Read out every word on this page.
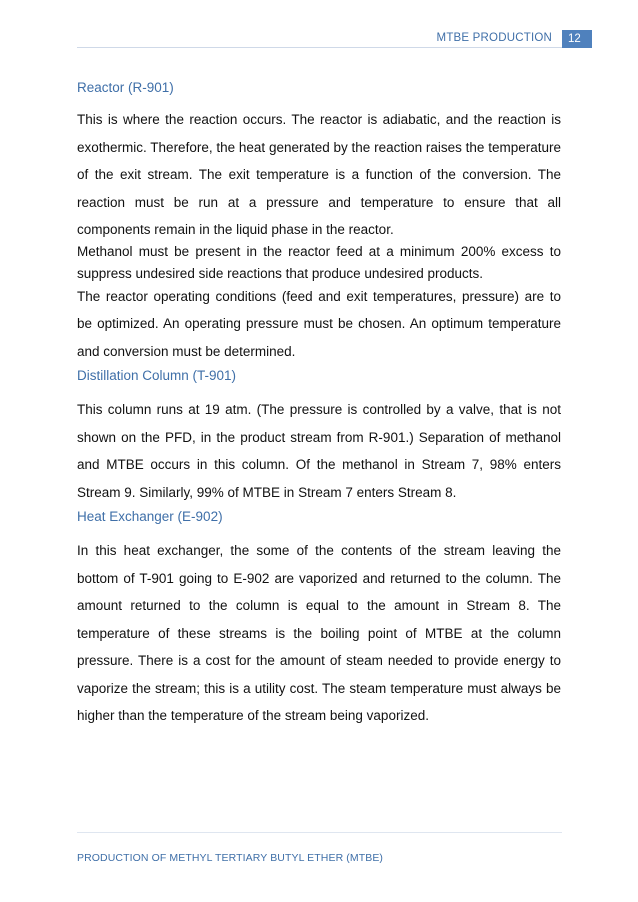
MTBE PRODUCTION	12
Reactor (R-901)

This is where the reaction occurs. The reactor is adiabatic, and the reaction is exothermic. Therefore, the heat generated by the reaction raises the temperature of the exit stream. The exit temperature is a function of the conversion. The reaction must be run at a pressure and temperature to ensure that all components remain in the liquid phase in the reactor.

Methanol must be present in the reactor feed at a minimum 200% excess to suppress undesired side reactions that produce undesired products.

The reactor operating conditions (feed and exit temperatures, pressure) are to be optimized. An operating pressure must be chosen. An optimum temperature and conversion must be determined.

Distillation Column (T-901)

This column runs at 19 atm. (The pressure is controlled by a valve, that is not shown on the PFD, in the product stream from R-901.) Separation of methanol and MTBE occurs in this column. Of the methanol in Stream 7, 98% enters Stream 9. Similarly, 99% of MTBE in Stream 7 enters Stream 8.

Heat Exchanger (E-902)

In this heat exchanger, the some of the contents of the stream leaving the bottom of T-901 going to E-902 are vaporized and returned to the column. The amount returned to the column is equal to the amount in Stream 8. The temperature of these streams is the boiling point of MTBE at the column pressure. There is a cost for the amount of steam needed to provide energy to vaporize the stream; this is a utility cost. The steam temperature must always be higher than the temperature of the stream being vaporized.

PRODUCTION OF METHYL TERTIARY BUTYL ETHER (MTBE)
